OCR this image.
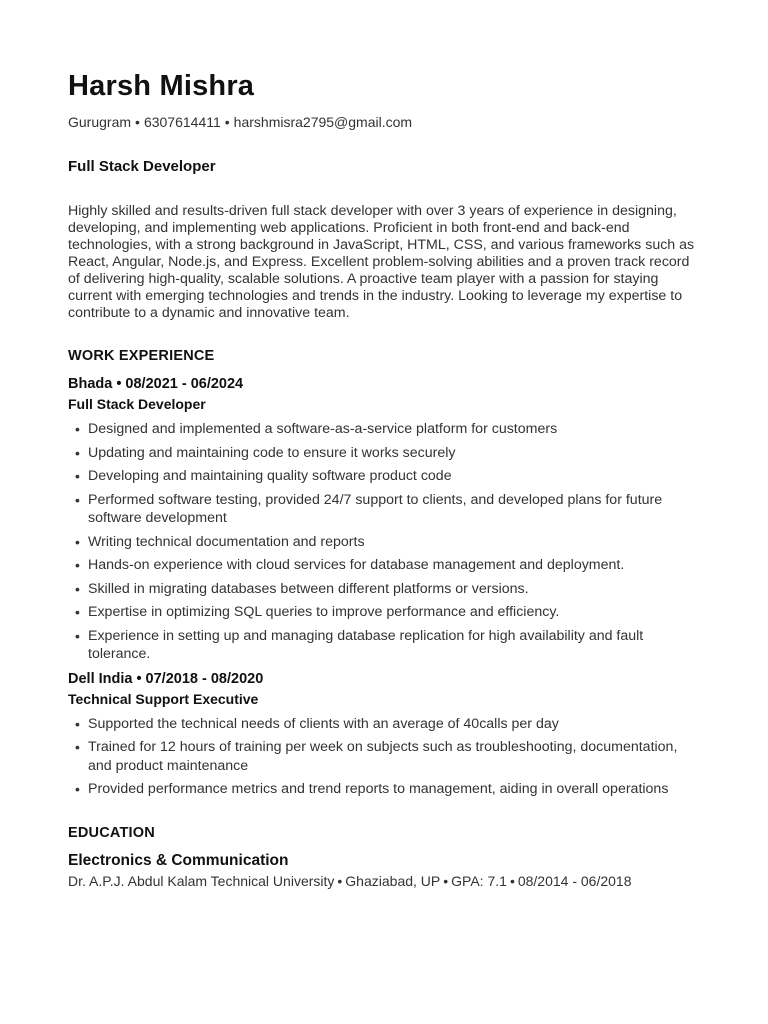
Harsh Mishra
Gurugram • 6307614411 • harshmisra2795@gmail.com
Full Stack Developer
Highly skilled and results-driven full stack developer with over 3 years of experience in designing, developing, and implementing web applications. Proficient in both front-end and back-end technologies, with a strong background in JavaScript, HTML, CSS, and various frameworks such as React, Angular, Node.js, and Express. Excellent problem-solving abilities and a proven track record of delivering high-quality, scalable solutions. A proactive team player with a passion for staying current with emerging technologies and trends in the industry. Looking to leverage my expertise to contribute to a dynamic and innovative team.
WORK EXPERIENCE
Bhada • 08/2021 - 06/2024
Full Stack Developer
• Designed and implemented a software-as-a-service platform for customers
• Updating and maintaining code to ensure it works securely
• Developing and maintaining quality software product code
• Performed software testing, provided 24/7 support to clients, and developed plans for future software development
• Writing technical documentation and reports
• Hands-on experience with cloud services for database management and deployment.
• Skilled in migrating databases between different platforms or versions.
• Expertise in optimizing SQL queries to improve performance and efficiency.
• Experience in setting up and managing database replication for high availability and fault tolerance.
Dell India • 07/2018 - 08/2020
Technical Support Executive
• Supported the technical needs of clients with an average of 40calls per day
• Trained for 12 hours of training per week on subjects such as troubleshooting, documentation, and product maintenance
• Provided performance metrics and trend reports to management, aiding in overall operations
EDUCATION
Electronics & Communication
Dr. A.P.J. Abdul Kalam Technical University • Ghaziabad, UP • GPA: 7.1 • 08/2014 - 06/2018
